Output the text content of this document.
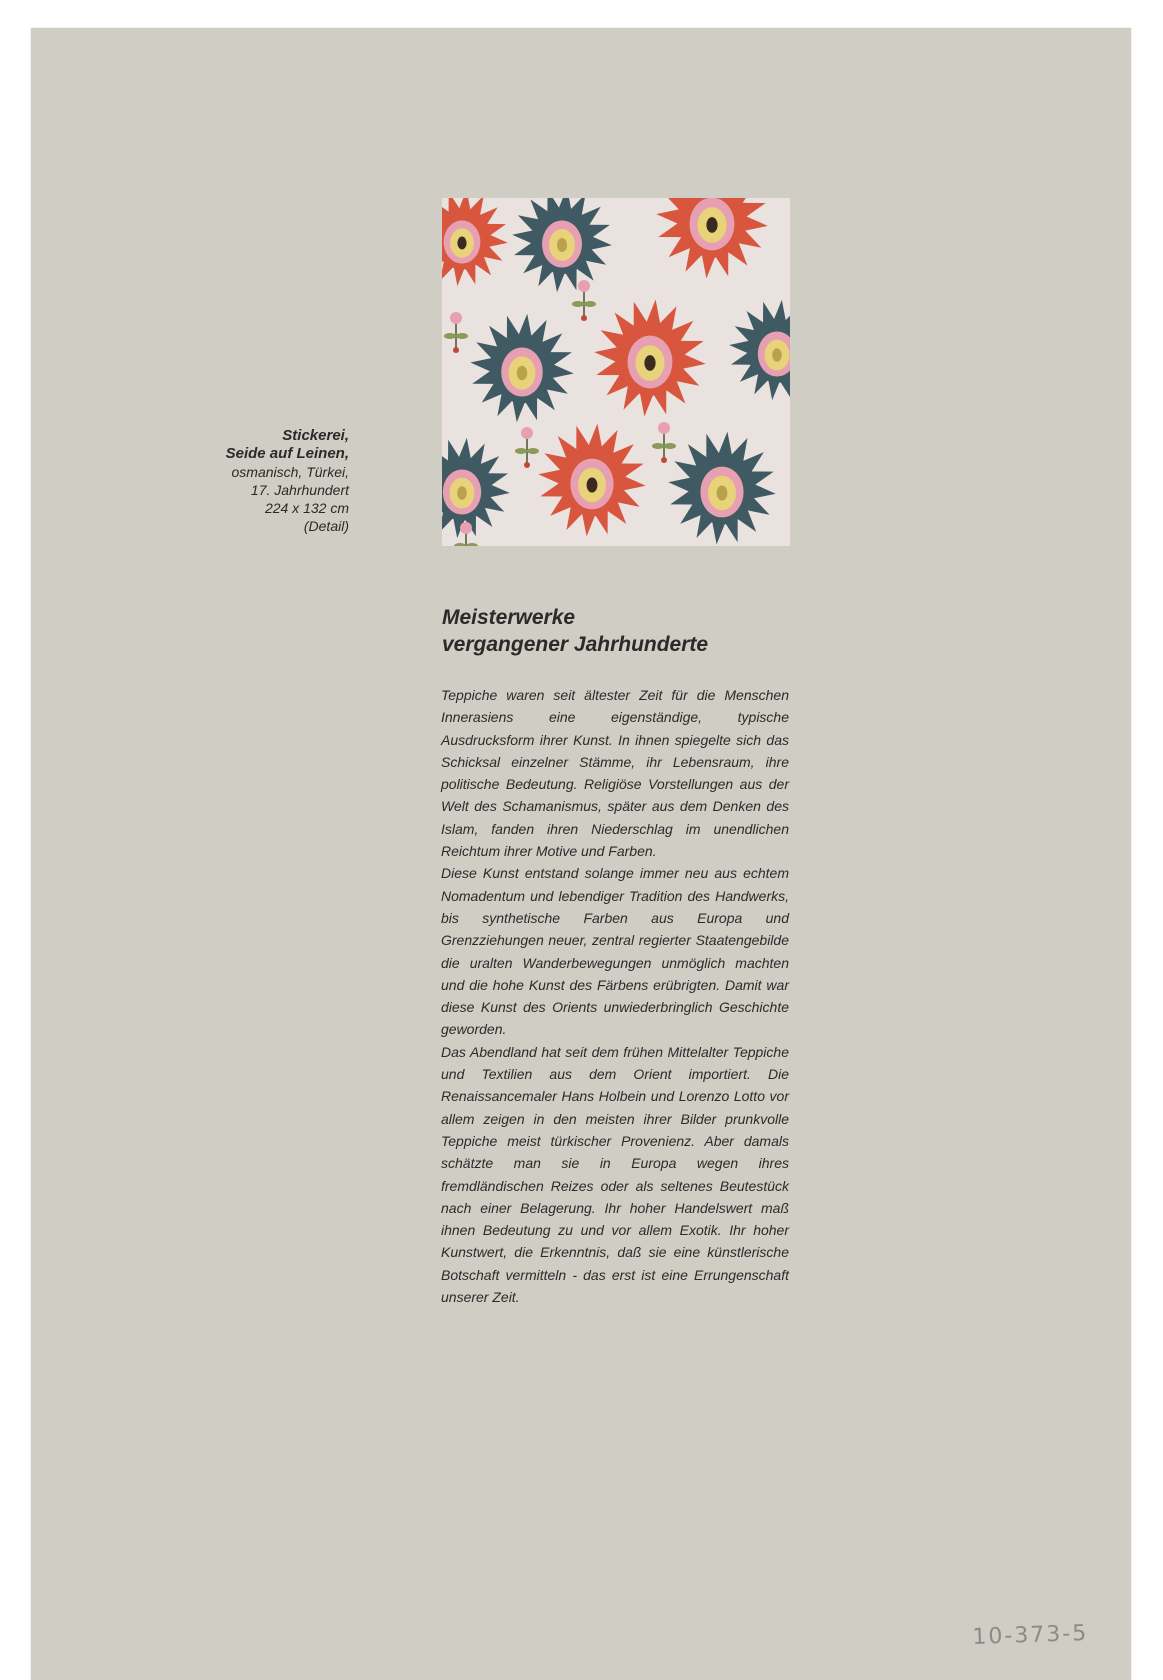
Stickerei,
Seide auf Leinen,
osmanisch, Türkei,
17. Jahrhundert
224 x 132 cm
(Detail)
Meisterwerke
vergangener Jahrhunderte

Teppiche waren seit ältester Zeit für die Menschen Innerasiens eine eigenständige, typische Ausdrucksform ihrer Kunst. In ihnen spiegelte sich das Schicksal einzelner Stämme, ihr Lebensraum, ihre politische Bedeutung. Religiöse Vorstellungen aus der Welt des Schamanismus, später aus dem Denken des Islam, fanden ihren Niederschlag im unendlichen Reichtum ihrer Motive und Farben.

Diese Kunst entstand solange immer neu aus echtem Nomadentum und lebendiger Tradition des Handwerks, bis synthetische Farben aus Europa und Grenzziehungen neuer, zentral regierter Staatengebilde die uralten Wanderbewegungen unmöglich machten und die hohe Kunst des Färbens erübrigten. Damit war diese Kunst des Orients unwiederbringlich Geschichte geworden.

Das Abendland hat seit dem frühen Mittelalter Teppiche und Textilien aus dem Orient importiert. Die Renaissancemaler Hans Holbein und Lorenzo Lotto vor allem zeigen in den meisten ihrer Bilder prunkvolle Teppiche meist türkischer Provenienz. Aber damals schätzte man sie in Europa wegen ihres fremdländischen Reizes oder als seltenes Beutestück nach einer Belagerung. Ihr hoher Handelswert maß ihnen Bedeutung zu und vor allem Exotik. Ihr hoher Kunstwert, die Erkenntnis, daß sie eine künstlerische Botschaft vermitteln - das erst ist eine Errungenschaft unserer Zeit.

10-373-5
